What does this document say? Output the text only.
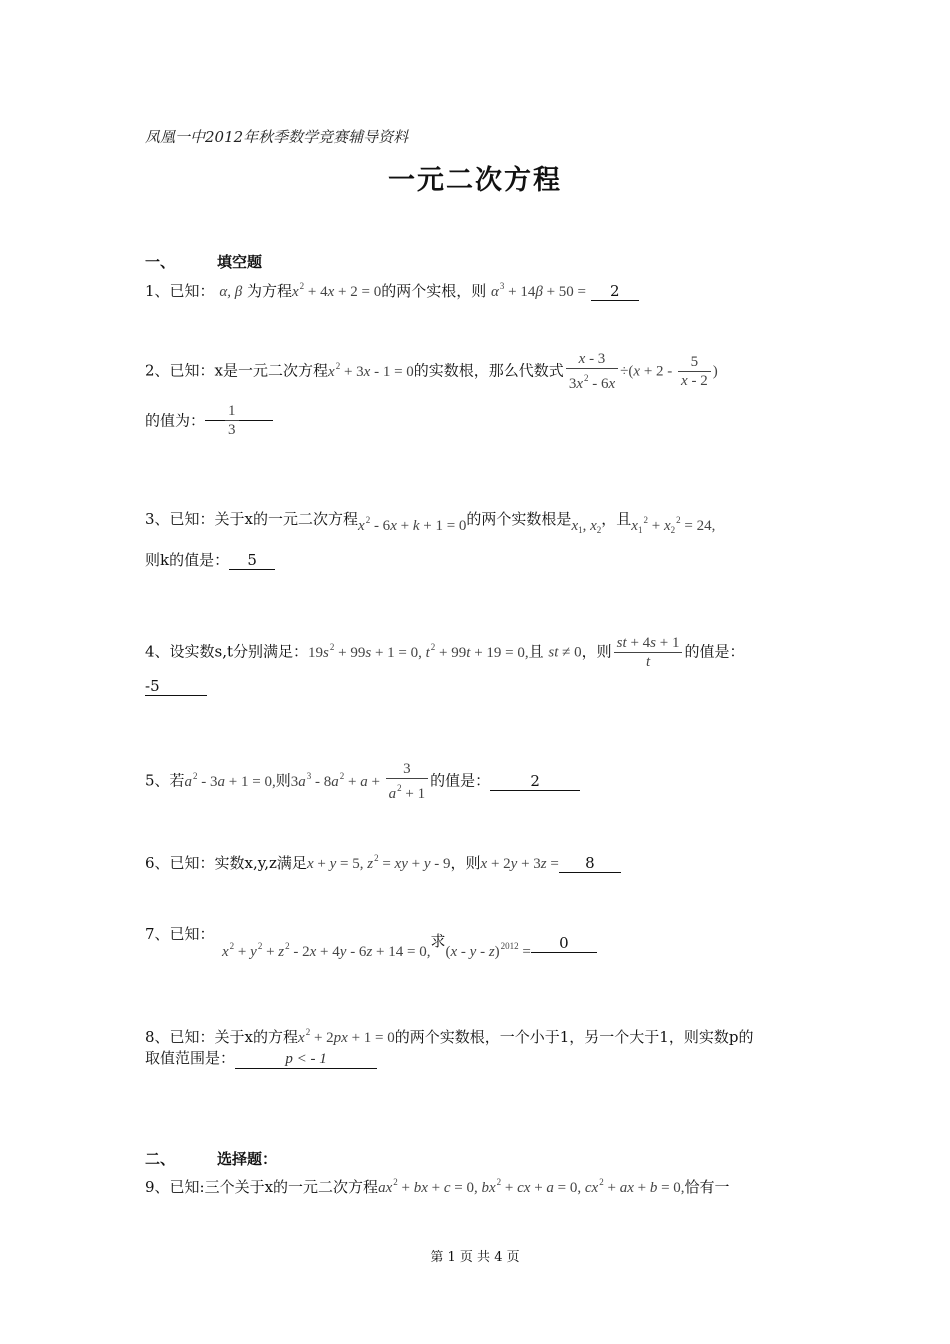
凤凰一中2012年秋季数学竞赛辅导资料
一元二次方程
一、	填空题
1、已知： α, β 为方程$x^2 + 4x + 2 = 0$的两个实根，则 $\alpha^3 + 14\beta + 50 = 2$
2、已知：x是一元二次方程$x^2 + 3x - 1 = 0$的实数根，那么代数式 $\frac{x - 3}{3x^2 - 6x} \div(x + 2 - \frac{5}{x - 2}$ )
的值为： $\frac{1}{3}$
3、已知：关于x的一元二次方程$x^2 - 6x + k + 1 = 0$的两个实数根是$x_1$, $x_2$，且$x_1^2 + x_2^2 = 24$,
则k的值是： 5
4、设实数s,t分别满足：$19s^2 + 99s + 1 = 0$, $t^2 + 99t + 19 = 0$,且 st ≠ 0，则 $\frac{st + 4s + 1}{t}$ 的值是：
-5
5、若$a^2 - 3a + 1 = 0$,则$3a^3 - 8a^2 + a + \frac{3}{a^2 + 1}$ 的值是：	2
6、已知：实数x,y,z满足x + y = 5, $z^2$ = xy + y - 9，则x + 2y + 3z = 8
7、已知：
$x^2 + y^2 + z^2 - 2x + 4y - 6z + 14 = 0$,求(x - y - z)$^{2012}$ = 0
8、已知：关于x的方程$x^2 + 2px + 1 = 0$的两个实数根，一个小于1，另一个大于1，则实数p的
取值范围是：	p < - 1
二、	选择题：
9、已知:三个关于x的一元二次方程$ax^2$ + bx + c = 0, $bx^2$ + cx + a = 0, $cx^2$ + ax + b = 0,恰有一
第 1 页 共 4 页
